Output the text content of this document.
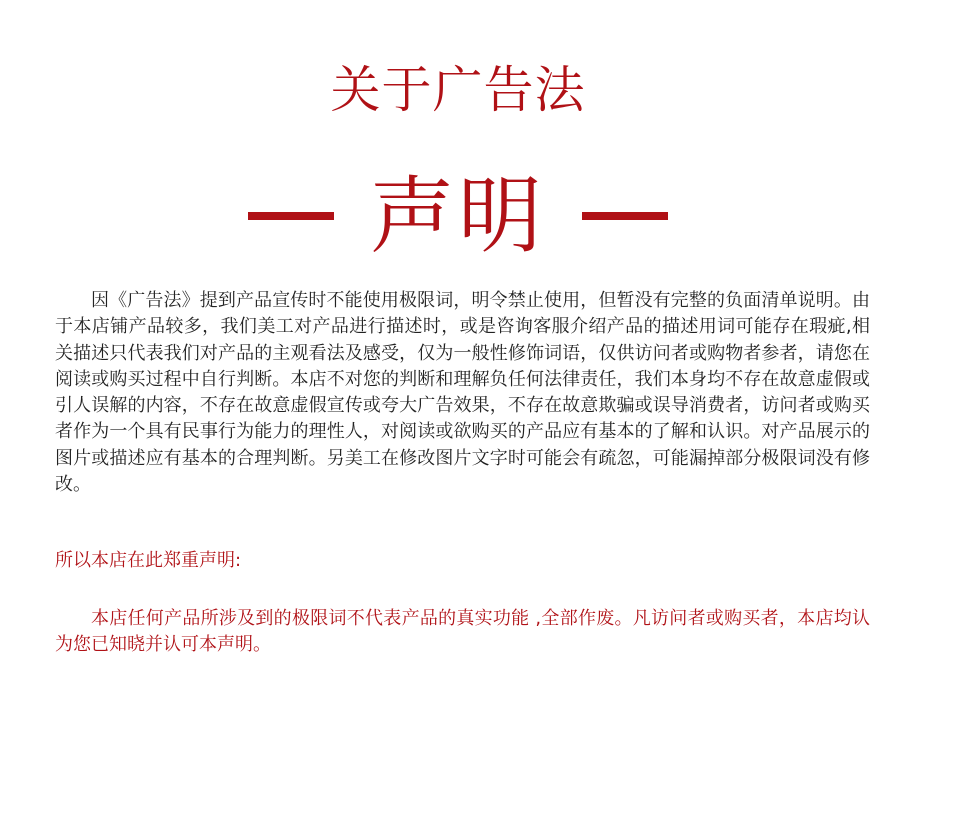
关于广告法
声明

因《广告法》提到产品宣传时不能使用极限词，明令禁止使用，但暂没有完整的负面清单说明。由于本店铺产品较多，我们美工对产品进行描述时，或是咨询客服介绍产品的描述用词可能存在瑕疵,相关描述只代表我们对产品的主观看法及感受，仅为一般性修饰词语，仅供访问者或购物者参者，请您在阅读或购买过程中自行判断。本店不对您的判断和理解负任何法律责任，我们本身均不存在故意虚假或引人误解的内容，不存在故意虚假宣传或夸大广告效果，不存在故意欺骗或误导消费者，访问者或购买者作为一个具有民事行为能力的理性人，对阅读或欲购买的产品应有基本的了解和认识。对产品展示的图片或描述应有基本的合理判断。另美工在修改图片文字时可能会有疏忽，可能漏掉部分极限词没有修改。

所以本店在此郑重声明:

本店任何产品所涉及到的极限词不代表产品的真实功能 ,全部作废。凡访问者或购买者，本店均认为您已知晓并认可本声明。
